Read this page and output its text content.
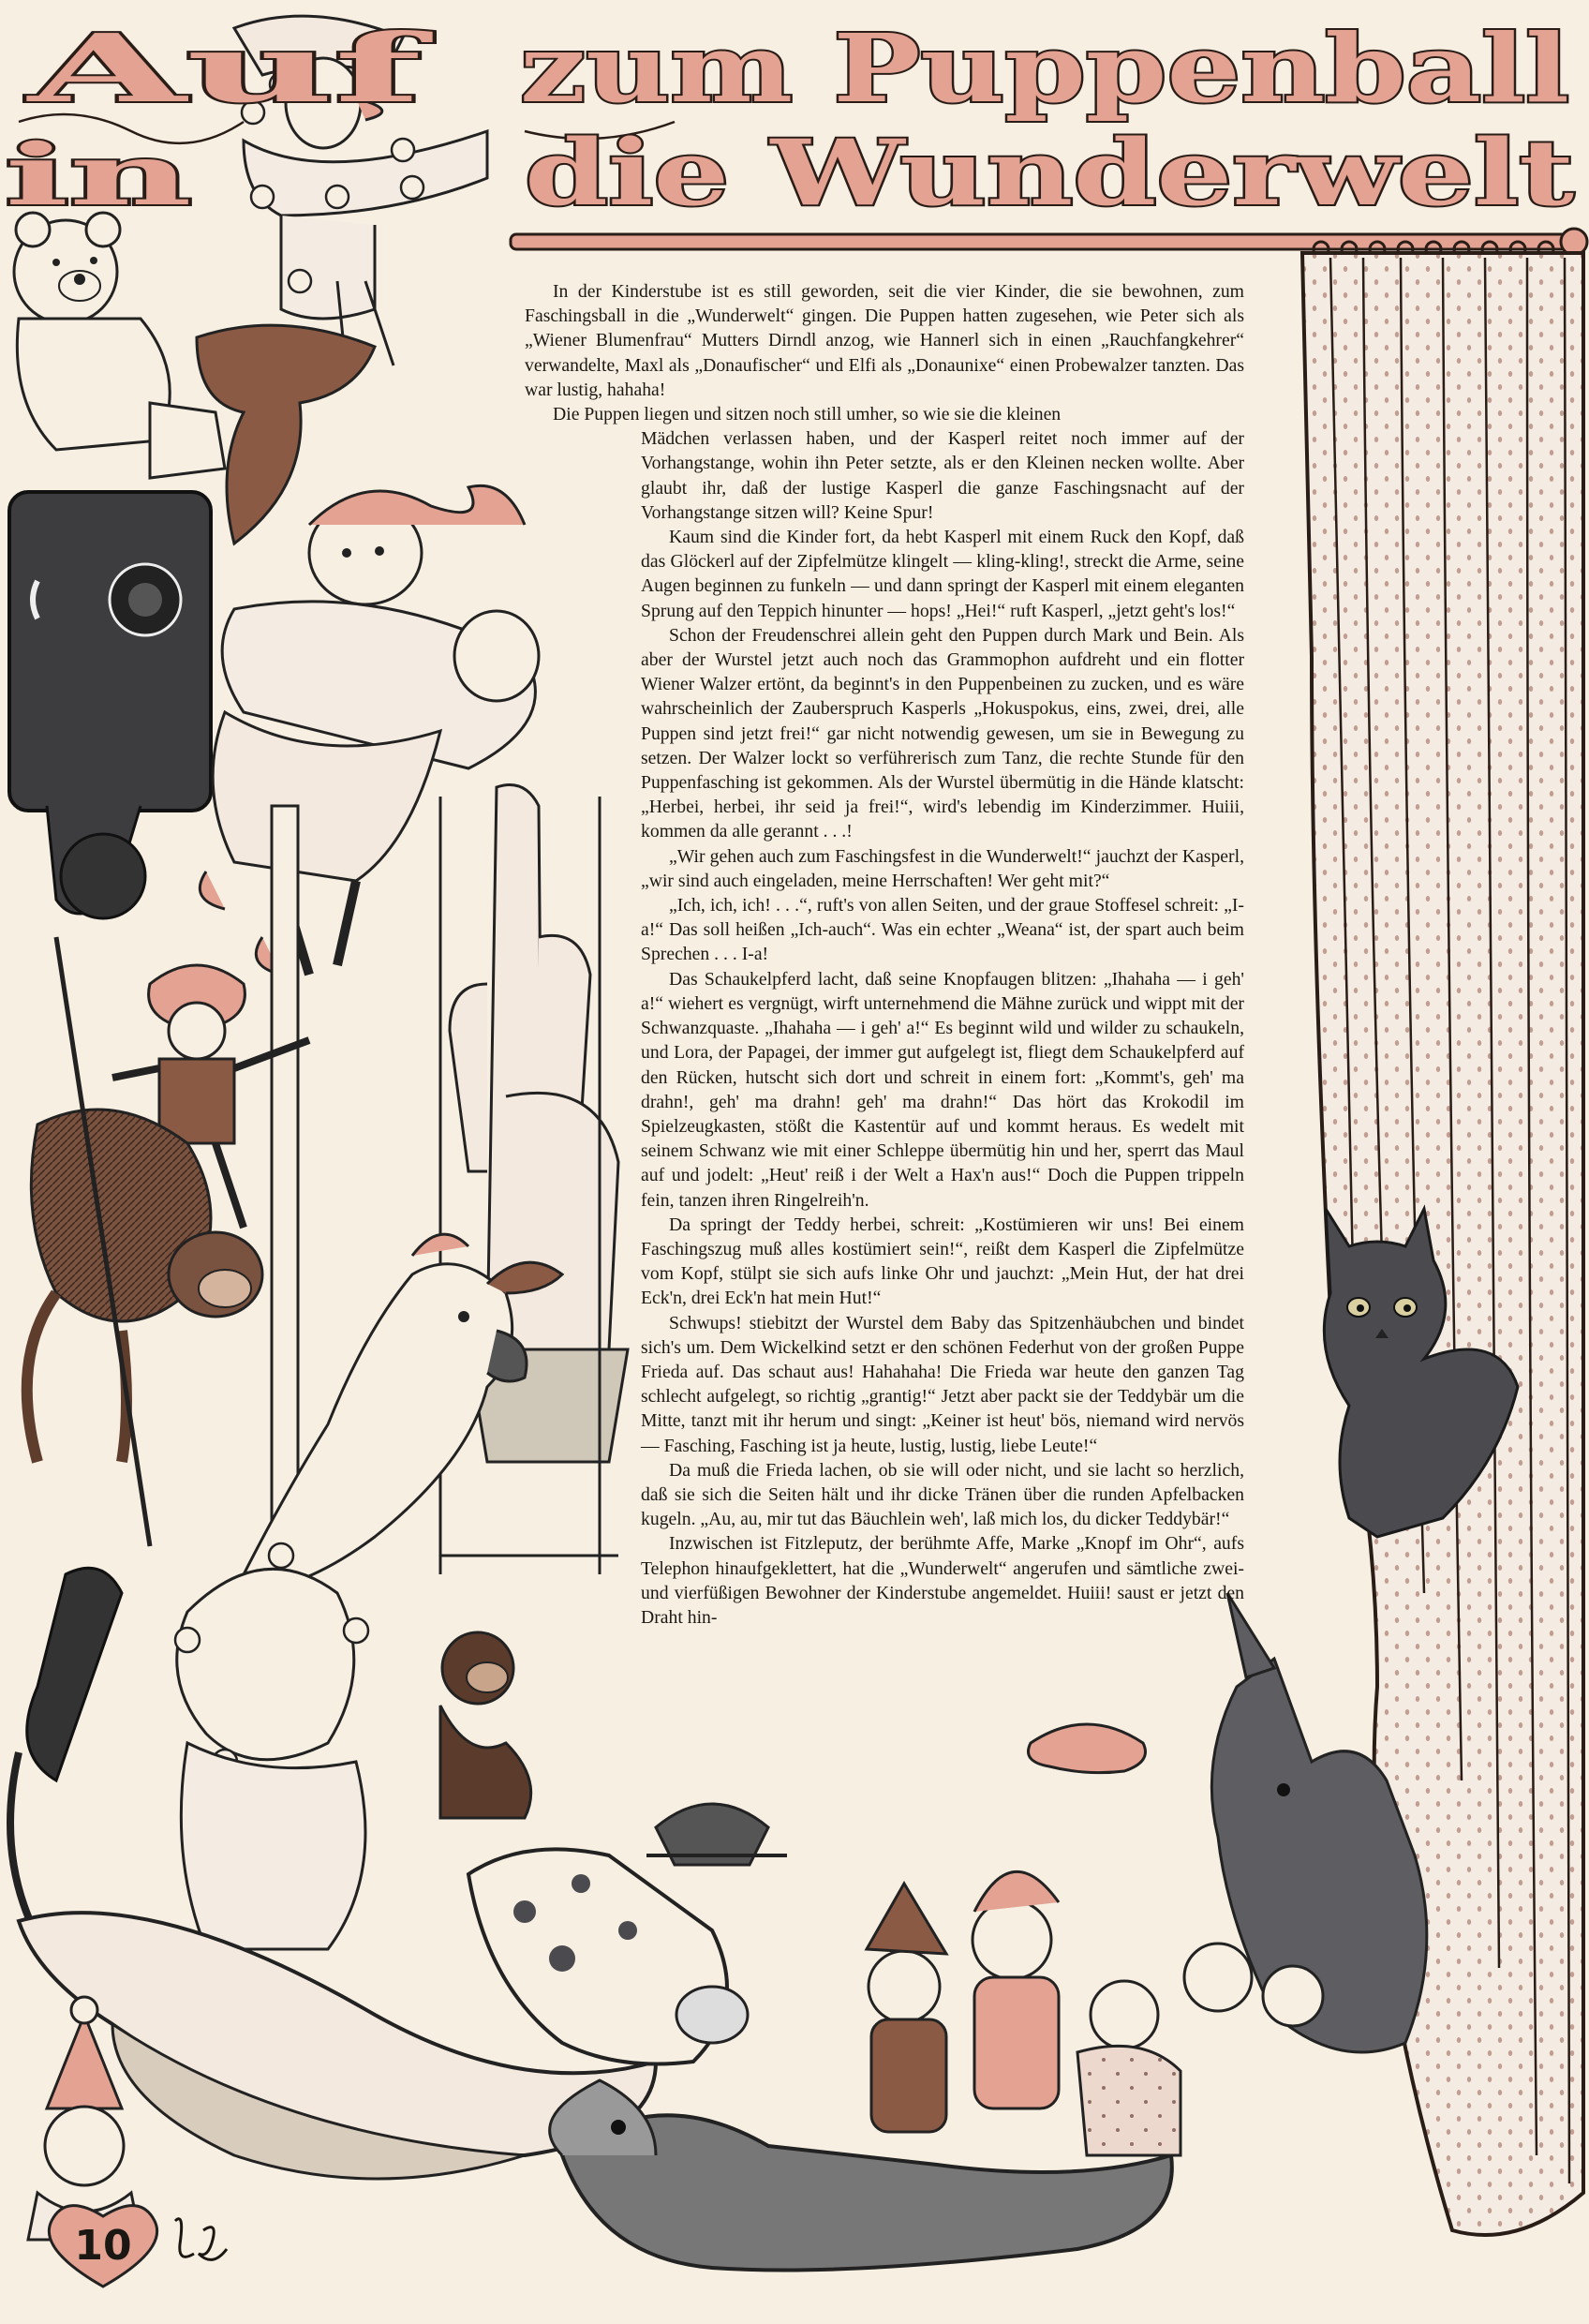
Auf zum Puppenball
in	die Wunderwelt

In der Kinderstube ist es still geworden, seit die vier Kinder, die sie bewohnen, zum Faschingsball in die „Wunderwelt“ gingen. Die Puppen hatten zugesehen, wie Peter sich als „Wiener Blumenfrau“ Mutters Dirndl anzog, wie Hannerl sich in einen „Rauchfangkehrer“ verwandelte, Maxl als „Donaufischer“ und Elfi als „Donaunixe“ einen Probewalzer tanzten. Das war lustig, hahaha!

Die Puppen liegen und sitzen noch still umher, so wie sie die kleinen

Mädchen verlassen haben, und der Kasperl reitet noch immer auf der Vorhangstange, wohin ihn Peter setzte, als er den Kleinen necken wollte. Aber glaubt ihr, daß der lustige Kasperl die ganze Faschingsnacht auf der Vorhangstange sitzen will? Keine Spur!

Kaum sind die Kinder fort, da hebt Kasperl mit einem Ruck den Kopf, daß das Glöckerl auf der Zipfelmütze klingelt — kling-kling!, streckt die Arme, seine Augen beginnen zu funkeln — und dann springt der Kasperl mit einem eleganten Sprung auf den Teppich hinunter — hops! „Hei!“ ruft Kasperl, „jetzt geht's los!“

Schon der Freudenschrei allein geht den Puppen durch Mark und Bein. Als aber der Wurstel jetzt auch noch das Grammophon aufdreht und ein flotter Wiener Walzer ertönt, da beginnt's in den Puppenbeinen zu zucken, und es wäre wahrscheinlich der Zauberspruch Kasperls „Hokuspokus, eins, zwei, drei, alle Puppen sind jetzt frei!“ gar nicht notwendig gewesen, um sie in Bewegung zu setzen. Der Walzer lockt so verführerisch zum Tanz, die rechte Stunde für den Puppenfasching ist gekommen. Als der Wurstel übermütig in die Hände klatscht: „Herbei, herbei, ihr seid ja frei!“, wird's lebendig im Kinderzimmer. Huiii, kommen da alle gerannt . . .!

„Wir gehen auch zum Faschingsfest in die Wunderwelt!“ jauchzt der Kasperl, „wir sind auch eingeladen, meine Herrschaften! Wer geht mit?“

„Ich, ich, ich! . . .“, ruft's von allen Seiten, und der graue Stoffesel schreit: „I-a!“ Das soll heißen „Ich-auch“. Was ein echter „Weana“ ist, der spart auch beim Sprechen . . . I-a!

Das Schaukelpferd lacht, daß seine Knopfaugen blitzen: „Ihahaha — i geh' a!“ wiehert es vergnügt, wirft unternehmend die Mähne zurück und wippt mit der Schwanzquaste. „Ihahaha — i geh' a!“ Es beginnt wild und wilder zu schaukeln, und Lora, der Papagei, der immer gut aufgelegt ist, fliegt dem Schaukelpferd auf den Rücken, hutscht sich dort und schreit in einem fort: „Kommt's, geh' ma drahn!, geh' ma drahn! geh' ma drahn!“ Das hört das Krokodil im Spielzeugkasten, stößt die Kastentür auf und kommt heraus. Es wedelt mit seinem Schwanz wie mit einer Schleppe übermütig hin und her, sperrt das Maul auf und jodelt: „Heut' reiß i der Welt a Hax'n aus!“ Doch die Puppen trippeln fein, tanzen ihren Ringelreih'n.

Da springt der Teddy herbei, schreit: „Kostümieren wir uns! Bei einem Faschingszug muß alles kostümiert sein!“, reißt dem Kasperl die Zipfelmütze vom Kopf, stülpt sie sich aufs linke Ohr und jauchzt: „Mein Hut, der hat drei Eck'n, drei Eck'n hat mein Hut!“

Schwups! stiebitzt der Wurstel dem Baby das Spitzenhäubchen und bindet sich's um. Dem Wickelkind setzt er den schönen Federhut von der großen Puppe Frieda auf. Das schaut aus! Hahahaha! Die Frieda war heute den ganzen Tag schlecht aufgelegt, so richtig „grantig!“ Jetzt aber packt sie der Teddybär um die Mitte, tanzt mit ihr herum und singt: „Keiner ist heut' bös, niemand wird nervös — Fasching, Fasching ist ja heute, lustig, lustig, liebe Leute!“

Da muß die Frieda lachen, ob sie will oder nicht, und sie lacht so herzlich, daß sie sich die Seiten hält und ihr dicke Tränen über die runden Apfelbacken kugeln. „Au, au, mir tut das Bäuchlein weh', laß mich los, du dicker Teddybär!“

Inzwischen ist Fitzleputz, der berühmte Affe, Marke „Knopf im Ohr“, aufs Telephon hinaufgeklettert, hat die „Wunderwelt“ angerufen und sämtliche zwei- und vierfüßigen Bewohner der Kinderstube angemeldet. Huiii! saust er jetzt den Draht hin-

10
